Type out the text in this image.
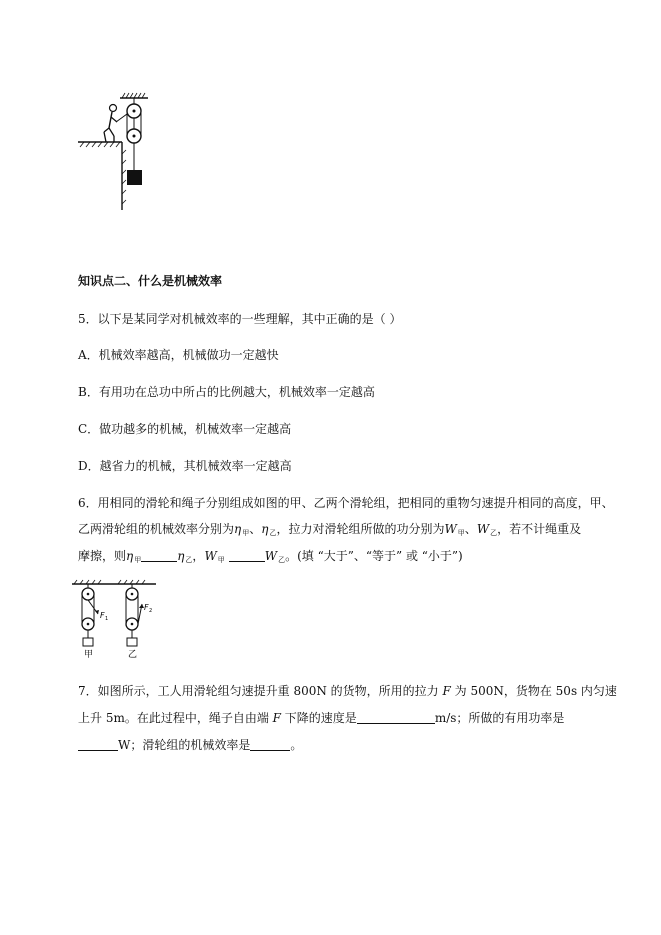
知识点二、什么是机械效率
5．以下是某同学对机械效率的一些理解，其中正确的是（ ）
A．机械效率越高，机械做功一定越快
B．有用功在总功中所占的比例越大，机械效率一定越高
C．做功越多的机械，机械效率一定越高
D．越省力的机械，其机械效率一定越高
6．用相同的滑轮和绳子分别组成如图的甲、乙两个滑轮组，把相同的重物匀速提升相同的高度，甲、
乙两滑轮组的机械效率分别为$\eta_甲$、$\eta_乙$，拉力对滑轮组所做的功分别为$W_甲$、$W_乙$，若不计绳重及
摩擦，则$\eta_甲$	$\eta_乙$，$W_甲$	$W_乙$。(填 “大于”、“等于” 或 “小于”)
F 1
甲
F 2
乙
7．如图所示，工人用滑轮组匀速提升重 800N 的货物，所用的拉力 F 为 500N，货物在 50s 内匀速
上升 5m。在此过程中，绳子自由端 F 下降的速度是	m/s；所做的有用功率是
W；滑轮组的机械效率是	。
